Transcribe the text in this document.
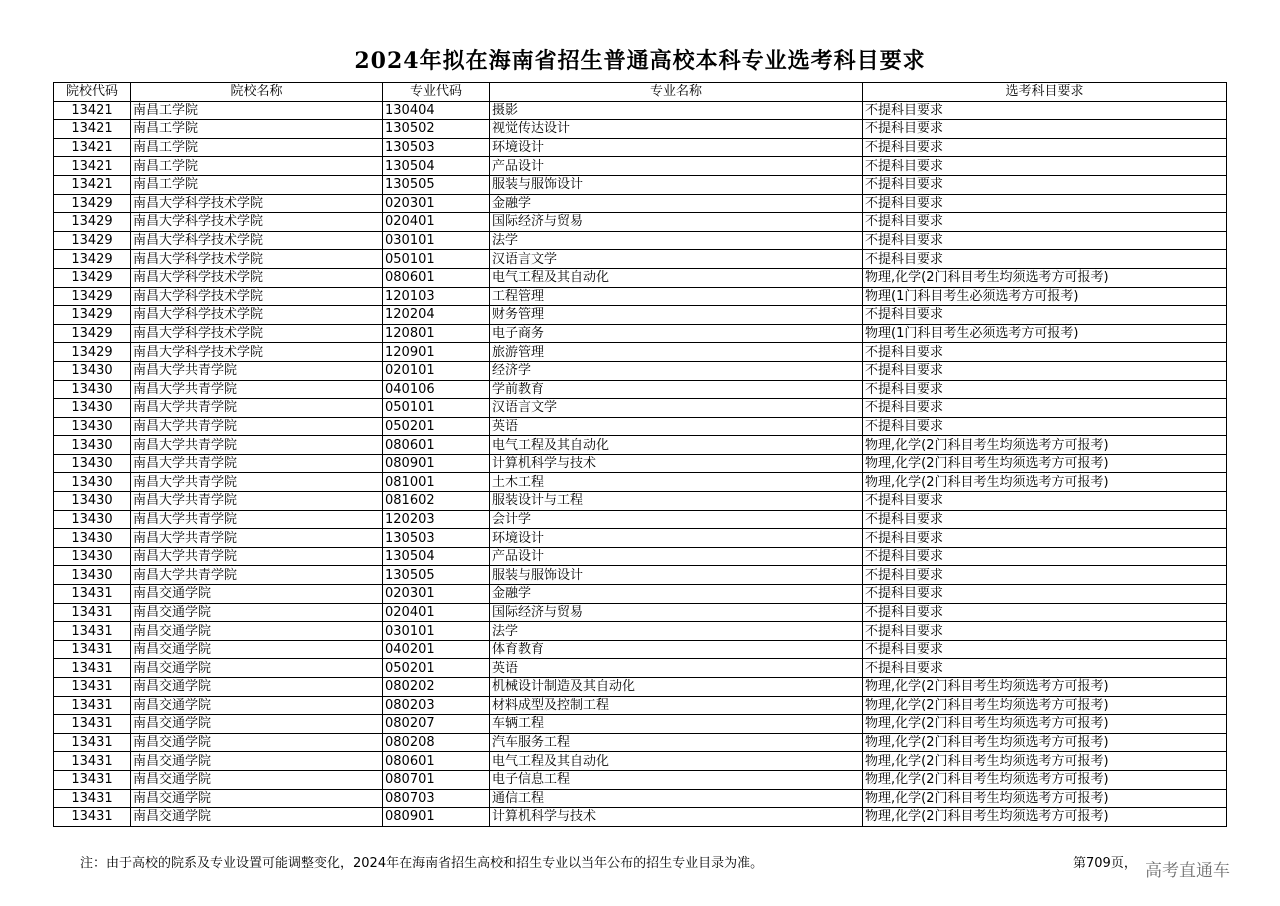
2024年拟在海南省招生普通高校本科专业选考科目要求
院校代码	院校名称	专业代码	专业名称	选考科目要求
13421	南昌工学院	130404	摄影	不提科目要求
13421	南昌工学院	130502	视觉传达设计	不提科目要求
13421	南昌工学院	130503	环境设计	不提科目要求
13421	南昌工学院	130504	产品设计	不提科目要求
13421	南昌工学院	130505	服装与服饰设计	不提科目要求
13429	南昌大学科学技术学院	020301	金融学	不提科目要求
13429	南昌大学科学技术学院	020401	国际经济与贸易	不提科目要求
13429	南昌大学科学技术学院	030101	法学	不提科目要求
13429	南昌大学科学技术学院	050101	汉语言文学	不提科目要求
13429	南昌大学科学技术学院	080601	电气工程及其自动化	物理,化学(2门科目考生均须选考方可报考)
13429	南昌大学科学技术学院	120103	工程管理	物理(1门科目考生必须选考方可报考)
13429	南昌大学科学技术学院	120204	财务管理	不提科目要求
13429	南昌大学科学技术学院	120801	电子商务	物理(1门科目考生必须选考方可报考)
13429	南昌大学科学技术学院	120901	旅游管理	不提科目要求
13430	南昌大学共青学院	020101	经济学	不提科目要求
13430	南昌大学共青学院	040106	学前教育	不提科目要求
13430	南昌大学共青学院	050101	汉语言文学	不提科目要求
13430	南昌大学共青学院	050201	英语	不提科目要求
13430	南昌大学共青学院	080601	电气工程及其自动化	物理,化学(2门科目考生均须选考方可报考)
13430	南昌大学共青学院	080901	计算机科学与技术	物理,化学(2门科目考生均须选考方可报考)
13430	南昌大学共青学院	081001	土木工程	物理,化学(2门科目考生均须选考方可报考)
13430	南昌大学共青学院	081602	服装设计与工程	不提科目要求
13430	南昌大学共青学院	120203	会计学	不提科目要求
13430	南昌大学共青学院	130503	环境设计	不提科目要求
13430	南昌大学共青学院	130504	产品设计	不提科目要求
13430	南昌大学共青学院	130505	服装与服饰设计	不提科目要求
13431	南昌交通学院	020301	金融学	不提科目要求
13431	南昌交通学院	020401	国际经济与贸易	不提科目要求
13431	南昌交通学院	030101	法学	不提科目要求
13431	南昌交通学院	040201	体育教育	不提科目要求
13431	南昌交通学院	050201	英语	不提科目要求
13431	南昌交通学院	080202	机械设计制造及其自动化	物理,化学(2门科目考生均须选考方可报考)
13431	南昌交通学院	080203	材料成型及控制工程	物理,化学(2门科目考生均须选考方可报考)
13431	南昌交通学院	080207	车辆工程	物理,化学(2门科目考生均须选考方可报考)
13431	南昌交通学院	080208	汽车服务工程	物理,化学(2门科目考生均须选考方可报考)
13431	南昌交通学院	080601	电气工程及其自动化	物理,化学(2门科目考生均须选考方可报考)
13431	南昌交通学院	080701	电子信息工程	物理,化学(2门科目考生均须选考方可报考)
13431	南昌交通学院	080703	通信工程	物理,化学(2门科目考生均须选考方可报考)
13431	南昌交通学院	080901	计算机科学与技术	物理,化学(2门科目考生均须选考方可报考)
注：由于高校的院系及专业设置可能调整变化，2024年在海南省招生高校和招生专业以当年公布的招生专业目录为准。	第709页， 高考直通车
